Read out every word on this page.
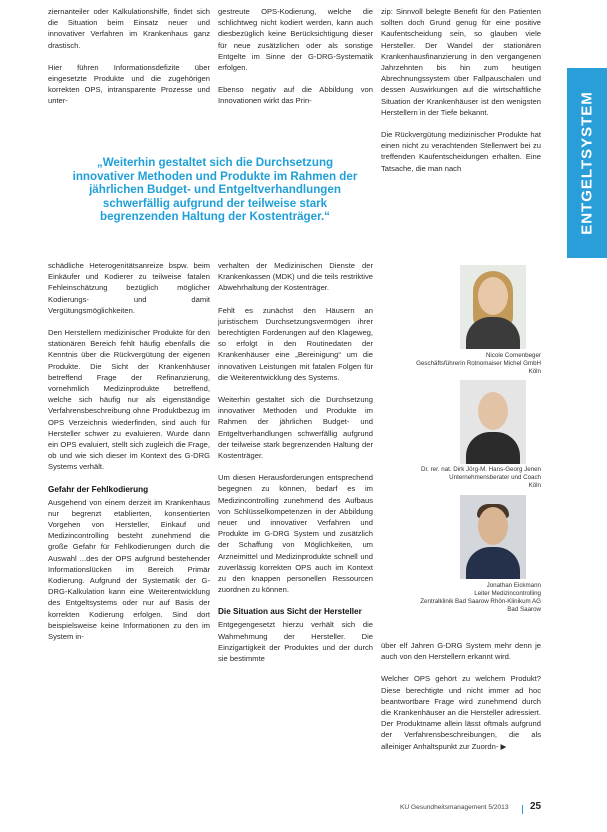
ENTGELTSYSTEM

ziernanteiler oder Kalkulationshilfe, findet sich die Situation beim Einsatz neuer und innovativer Verfahren im Krankenhaus ganz drastisch.

Hier führen Informationsdefizite über eingesetzte Produkte und die zugehörigen korrekten OPS, intransparente Prozesse und unter-

gestreute OPS-Kodierung, welche die schlichtweg nicht kodiert werden, kann auch diesbezüglich keine Berücksichtigung dieser für neue zusätzlichen oder als sonstige Entgelte im Sinne der G-DRG-Systematik erfolgen.

Ebenso negativ auf die Abbildung von Innovationen wirkt das Prin-

zip: Sinnvoll belegte Benefit für den Patienten sollten doch Grund genug für eine positive Kaufentscheidung sein, so glauben viele Hersteller. Der Wandel der stationären Krankenhausfinanzierung in den vergangenen Jahrzehnten bis hin zum heutigen Abrechnungssystem über Fallpauschalen und dessen Auswirkungen auf die wirtschaftliche Situation der Krankenhäuser ist den wenigsten Herstellern in der Tiefe bekannt.

Die Rückvergütung medizinischer Produkte hat einen nicht zu verachtenden Stellenwert bei zu treffenden Kaufentscheidungen erhalten. Eine Tatsache, die man nach

„Weiterhin gestaltet sich die Durchsetzung innovativer Methoden und Produkte im Rahmen der jährlichen Budget- und Entgeltverhandlungen schwerfällig aufgrund der teilweise stark begrenzenden Haltung der Kostenträger.“

schädliche Heterogenitätsanreize bspw. beim Einkäufer und Kodierer zu teilweise fatalen Fehleinschätzung bezüglich möglicher Kodierungs- und damit Vergütungsmöglichkeiten.

Den Herstellern medizinischer Produkte für den stationären Bereich fehlt häufig ebenfalls die Kenntnis über die Rückvergütung der eigenen Produkte. Die Sicht der Krankenhäuser betreffend Frage der Refinanzierung, vornehmlich Medizinprodukte betreffend, welche sich häufig nur als eigenständige Verfahrensbeschreibung ohne Produktbezug im OPS Verzeichnis wiederfinden, sind auch für Hersteller schwer zu evaluieren. Wurde dann ein OPS evaluiert, stellt sich zugleich die Frage, ob und wie sich dieser im Kontext des G-DRG Systems verhält.

Gefahr der Fehlkodierung

Ausgehend von einem derzeit im Krankenhaus nur begrenzt etablierten, konsentierten Vorgehen von Hersteller, Einkauf und Medizincontrolling besteht zunehmend die große Gefahr für Fehlkodierungen durch die Auswahl ...des der OPS aufgrund bestehender Informationslücken im Bereich Primär Kodierung. Aufgrund der Systematik der G-DRG-Kalkulation kann eine Weiterentwicklung des Entgeltsystems oder nur auf Basis der korrekten Kodierung erfolgen. Sind dort beispielsweise keine Informationen zu den im System in-

verhalten der Medizinischen Dienste der Krankenkassen (MDK) und die teils restriktive Abwehrhaltung der Kostenträger.

Fehlt es zunächst den Häusern an juristischem Durchsetzungsvermögen ihrer berechtigten Forderungen auf den Klageweg, so erfolgt in den Routinedaten der Krankenhäuser eine „Bereinigung“ um die innovativen Leistungen mit fatalen Folgen für die Weiterentwicklung des Systems.

Weiterhin gestaltet sich die Durchsetzung innovativer Methoden und Produkte im Rahmen der jährlichen Budget- und Entgeltverhandlungen schwerfällig aufgrund der teilweise stark begrenzenden Haltung der Kostenträger.

Um diesen Herausforderungen entsprechend begegnen zu können, bedarf es im Medizincontrolling zunehmend des Aufbaus von Schlüsselkompetenzen in der Abbildung neuer und innovativer Verfahren und Produkte im G-DRG System und zusätzlich der Schaffung von Möglichkeiten, um Arzneimittel und Medizinprodukte schnell und zuverlässig korrekten OPS auch im Kontext zu den knappen personellen Ressourcen zuordnen zu können.

Die Situation aus Sicht der Hersteller

Entgegengesetzt hierzu verhält sich die Wahrnehmung der Hersteller. Die Einzigartigkeit der Produktes und der durch sie bestimmte

Nicole Cornenbeger
Geschäftsführerin Rotnomaiser Michel GmbH
Köln
Dr. rer. nat. Dirk Jörg-M. Hans-Georg Jenen
Unternehmensberater und Coach
Köln
Jonathan Eickmann
Leiter Medizincontrolling
Zentralklinik Bad Saarow Rhön-Klinikum AG
Bad Saarow

über elf Jahren G-DRG System mehr denn je auch von den Herstellern erkannt wird.

Welcher OPS gehört zu welchem Produkt? Diese berechtigte und nicht immer ad hoc beantwortbare Frage wird zunehmend durch die Krankenhäuser an die Hersteller adressiert. Der Produktname allein lässt oftmals aufgrund der Verfahrensbeschreibungen, die als alleiniger Anhaltspunkt zur Zuordn- ▶

KU Gesundheitsmanagement 5/2013 25
